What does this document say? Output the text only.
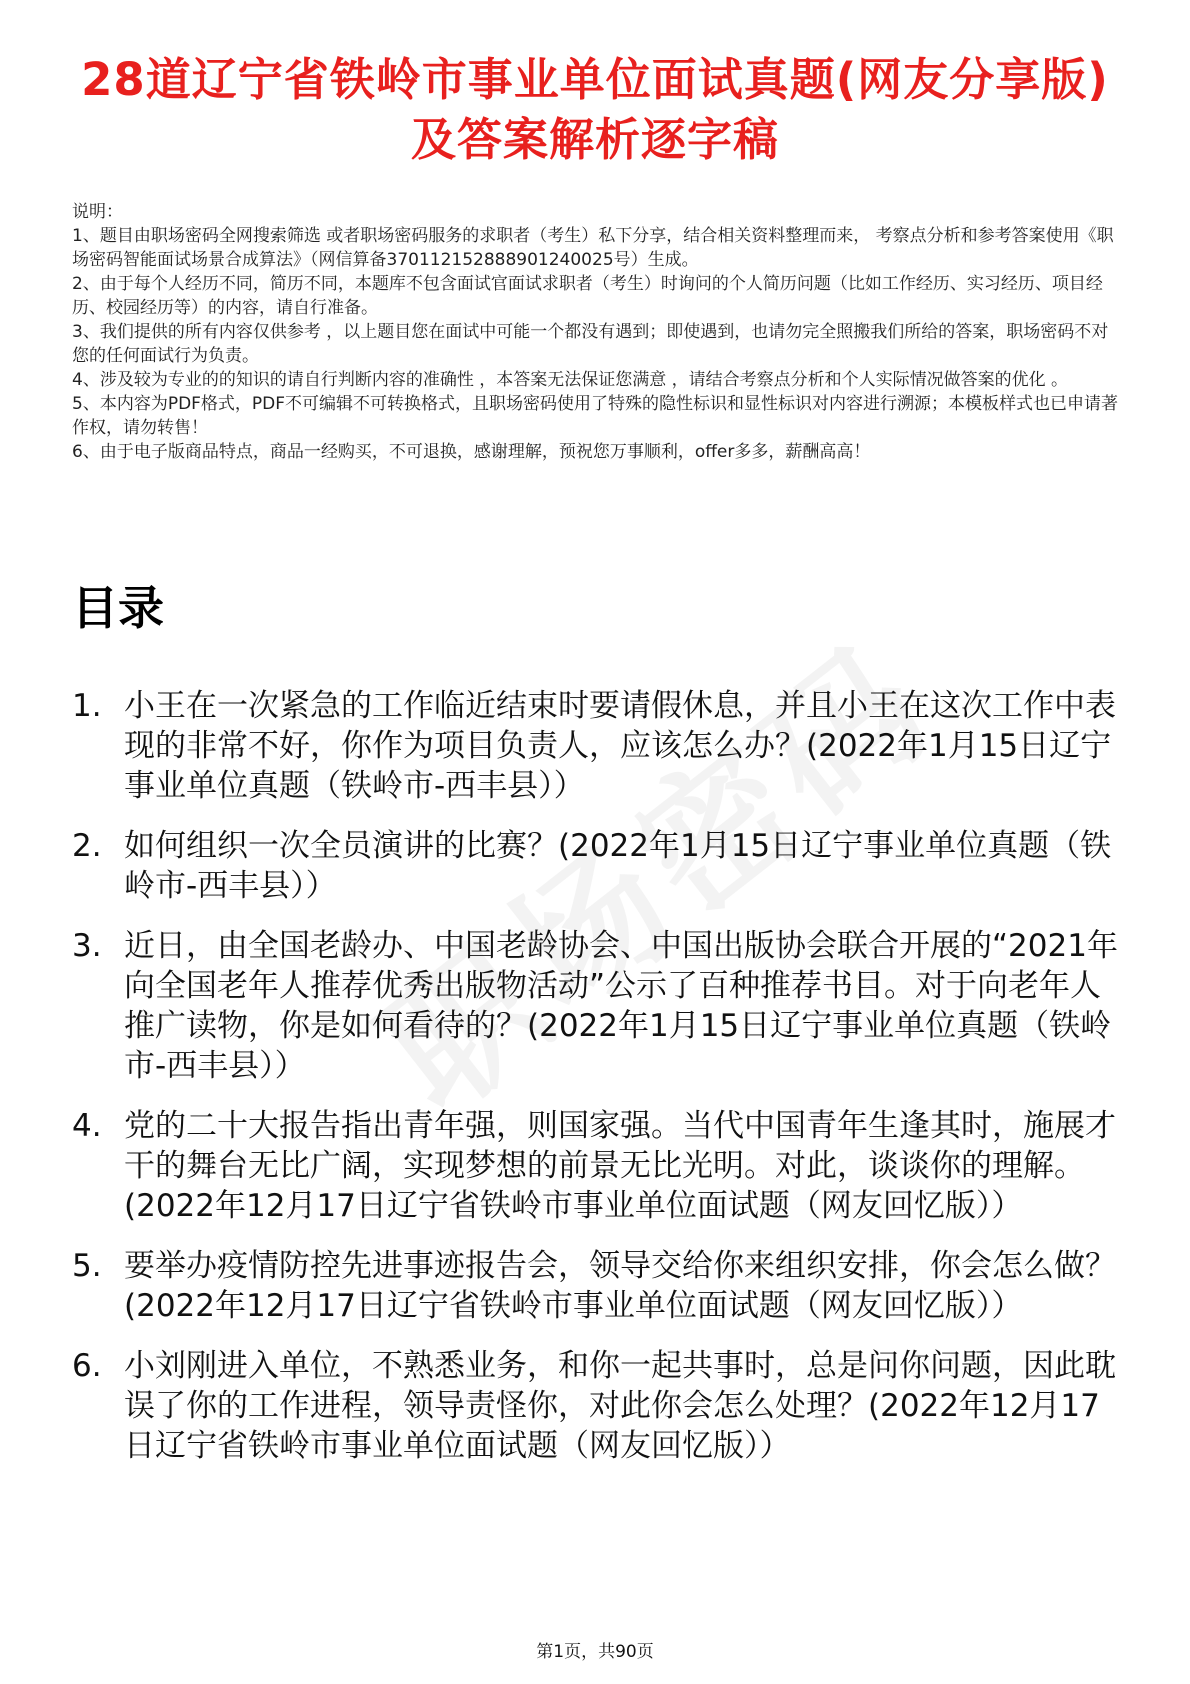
28道辽宁省铁岭市事业单位面试真题(网友分享版)及答案解析逐字稿

说明：

1、题目由职场密码全网搜索筛选 或者职场密码服务的求职者（考生）私下分享，结合相关资料整理而来， 考察点分析和参考答案使用《职场密码智能面试场景合成算法》（网信算备370112152888901240025号）生成。

2、由于每个人经历不同，简历不同，本题库不包含面试官面试求职者（考生）时询问的个人简历问题（比如工作经历、实习经历、项目经历、校园经历等）的内容，请自行准备。

3、我们提供的所有内容仅供参考 ，以上题目您在面试中可能一个都没有遇到；即使遇到，也请勿完全照搬我们所给的答案，职场密码不对您的任何面试行为负责。

4、涉及较为专业的的知识的请自行判断内容的准确性 ，本答案无法保证您满意 ，请结合考察点分析和个人实际情况做答案的优化 。

5、本内容为PDF格式，PDF不可编辑不可转换格式，且职场密码使用了特殊的隐性标识和显性标识对内容进行溯源；本模板样式也已申请著作权，请勿转售！

6、由于电子版商品特点，商品一经购买，不可退换，感谢理解，预祝您万事顺利，offer多多，薪酬高高！

目录
1. 小王在一次紧急的工作临近结束时要请假休息，并且小王在这次工作中表现的非常不好，你作为项目负责人，应该怎么办？(2022年1月15日辽宁事业单位真题（铁岭市-西丰县））
2. 如何组织一次全员演讲的比赛？(2022年1月15日辽宁事业单位真题（铁岭市-西丰县））
3. 近日，由全国老龄办、中国老龄协会、中国出版协会联合开展的“2021年向全国老年人推荐优秀出版物活动”公示了百种推荐书目。对于向老年人推广读物，你是如何看待的？(2022年1月15日辽宁事业单位真题（铁岭市-西丰县））
4. 党的二十大报告指出青年强，则国家强。当代中国青年生逢其时，施展才干的舞台无比广阔，实现梦想的前景无比光明。对此，谈谈你的理解。(2022年12月17日辽宁省铁岭市事业单位面试题（网友回忆版））
5. 要举办疫情防控先进事迹报告会，领导交给你来组织安排，你会怎么做？(2022年12月17日辽宁省铁岭市事业单位面试题（网友回忆版））
6. 小刘刚进入单位，不熟悉业务，和你一起共事时，总是问你问题，因此耽误了你的工作进程，领导责怪你，对此你会怎么处理？(2022年12月17日辽宁省铁岭市事业单位面试题（网友回忆版））
第1页，共90页
